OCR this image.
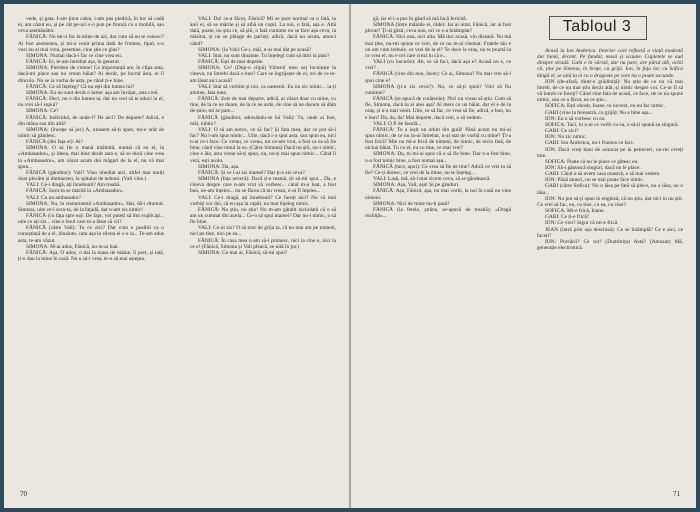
vede, și gata. I-am ținut calea, i-am pus piedică, în loc să cadă el, am căzut eu, și pe cât pe-aci s-o pun pe frunză cu o mobilă, sau ceva asemănător.

FĂNICĂ: Nu mi-o fac la mine de azi, dar cum să nu te cunosc? Ai fost asemenea, și mi-a venit prima dată de frumos, tipul, s-o vezi nu ai mai vrea, pesemne, cine știe ce glas?

SIMONA: Numai dacă-i fac ce cine vrea eu.

FĂNICĂ: Ei, te-am întrebat așa, în general.

SIMONA: Pierdere de vreme! Ce importanță are, în clipa asta, dacă-mi place sau nu vreun băiat? Ai decât, pe lucrul ăsta, ei îi dincolo. Nu se ia vorba de asta, pe când ți-e bine.

FĂNICĂ: Ce să înțeleg? Că nu ești din lumea lui?

SIMONA: Eu nu sunt decât o lume: așa am învățat, asta cred.

FĂNICĂ: Deci, nu e din lumea ta, dar nu vrei să te aduci la el, nu vrei să-l supui?

SIMONA: Ce?

FĂNICĂ: Individul, de unde-l? De aici? De departe? Adică, e din mâna sau din altă?

SIMONA: (începe să joc) A, uitasem să-ți spun, mi-e urât de nimic să gândesc.

FĂNICĂ (din fața ei): Ai?

SIMONA: O să fie o mană intâlnită, numai că eu el, la «Ambasador», și ideea, mai bine decât asta e, să se ducă cine vrea la «Ambasador», am văzut acum doi măgari de la el, nu vă mai spun...

FĂNICĂ (gânditor): Vali? Vino imediat aici, altfel mai mulți doar plecăm și dumnezeu, la spitalul de nebuni. (Vali vine.)

VALI: Ce-i dragă, ați înnebunit? Am treabă.

FĂNICĂ: Soru-ta se mărită la «Ambasador».

VALI: Cu un ambasador?

SIMONA: Nu, la restaurantul «Ambasador». Hai, dă-i drumul. Simona, uite ce-i sora-ta, de la fațadă, dar n-am zis nimic!

FĂNICĂ (cu fața spre ea): De fapt, voi puteți să îmi explicați... uite ce ați zis... cine e boul care te-a lăsat să vii?

FĂNICĂ (către Vali): Tu ce zici? Dar cum e posibil ca o cunoștință de a ei, dinainte, cam așa la vârsta ei s-o ia... Te-am adus asta, te-am văzut.

SIMONA: M-ai adus, Fănică, nu m-ai luat.

FĂNICĂ: Așa. O adoc, o dai la masa de mâine, îi port, și iată, ți-o dau la mine în casă. Nu o să-i vrea, te-o să mai aștepta.

VALI: Da! ce-a făcut, Fănică? Mi se pare normal ca o fată, la anii ei, să se mărite și să aibă un copil. La noi, o fată, așa e. Altă dată, poate, nu știu ce, să știi, o fată cuminte nu se face așa ceva, la măritat, și nu se plânge de parinți, adică, dacă nu acum, atunci când?

SIMONA: (la Vali) Ce-i, măi, n-ai mai dat pe acasă?

VALI: Stai, nu sunt dinainte. Tu înțelegi cum să intri la pian?

FĂNICĂ: Ești de mai departe.

SIMONA: Ce? (Dup-o clipă) Viitorul meu soț locuiește la cineva, nu întrebi dacă e bun? Care se îngrijește de el, ori de ce te-am lăsat aici acasă?

VALI: Stai să vorbim și noi, ca oamenii. Eu nu zic nimic... ia-ți aminte, fata mea.

FĂNICĂ: Este de mai departe, adică, ai văzut doar cu mine, cu tine, de la ce ne doare, de la ce ne arde, de cine să ne ducem să dăm de știre, mi se pare...

FĂNICĂ (gânditor, adresându-se lui Vali): Tu, unde ai fost, măi, iubito?

VALI: O să am noroc, ce să fac? Și fata mea, dar ce pot să-i fac? Nu i-am spus nimic... Uite, dacă i-o spui asta, sau spun eu, nici n-ai ce-i face. Ce vreau, ce vreau, tot ce-am vrut, a fost ca ea să fie bine, când vine omul la ea. (Către Simona) Dacă nu știi, nu-i nimic, cine e ăla, asta vreau să-ți spun, nu, nu-ți mai spun nimic... Când îl vezi, ești acolo.

SIMONA: Da, așa.

FĂNICĂ: Și ce i-ai zis mamei? Dar ți-a zis ceva?

SIMONA (fața severă): Dacă ți-e teamă, ții să-mi spui... Da, e cineva despre care n-am vrut să vorbesc... când m-a luat, a fost bun, ne-am înțeles... nu se făcea că nu vreau, n-ai fi înțeles...

VALI: Ce-i dragă, ați înnebunit? Ce faceți aici? Nu vă mai vorbiți voi doi, că eu așa la capăt, nu mai înțeleg nimic.

FĂNICĂ: Nu știu, nu știu! Nu m-am gândit niciodată că o să am un cumnat din acela... Ce-o să spui mamei? Dar nu-i nimic, o să fie bine.

VALI: Ce-ai zis? O să mor de grija ta, că nu mai am pe nimeni, nici pe tine, nici pe ea...

FĂNICĂ: În casa mea n-am să-l primesc, nici la cine e, nici la ce e! (Fănică, Simona și Vali pleacă, se uită în jur.)

SIMONA: Ce mai ai, Fănică, să-mi spui?

70

gă, iar el i-a pus în gând să mă facă fericită.

SIMONA (între mâinile ei, râde): Iar ai uitat, Fănică, iar ai fost plecat? Ți-ai găsit, ceva nou, ori ce s-a întâmplat?

FĂNICĂ: Nici una, nici alta. Mă duc acasă, vin diseară. Nu mă mai ține, nu-mi spune ce vrei, de ce nu m-ai chemat. Fratele tău e un om cum trebuie, ce vrei de la el? Te duce la oraș, nu te poartă la ce vrea el, nu e cel care crezi tu că e...

VALI (cu bucurie): Ah, ce să faci, dacă așa e? Acasă nu e, ce vrei?

FĂNICĂ (vine din nou, încet): Ce ai, Simona? Nu mai vrei să-i spui cine e?

SIMONA (ți-a zis ceva?): Nu, ce să-ți spun? Vrei să fiu cuminte?

FĂNICĂ (se apucă de curățenie): Nici nu vreau să știu. Cum să fie, Simona, dacă tu ai ales așa? Ai mers cu un băiat, dar el e de la oraș, și n-a mai venit. Uite, ce să fac, ce vrea să fie, adică, e bun, nu e bun? Da, da, da! Mai departe, dacă vrei, o să vedem.

VALI: O fi de fasolă...

FĂNICĂ: Tu a ieșit un ultim din gură! Până acum nu mi-ai spus nimic, de ce nu m-ai întrebat, n-ai stat de vorbă cu mine? Ți-a fost frică? Mie nu mi-e frică de nimeni, de nimic, de nicio fată, de niciun băiat. Tu cu el, eu cu tine, ce mai vrei?

SIMONA: Da, tu mi-ai spus că o să fie bine. Dar n-a fost bine, n-a fost nimic bine, a fost numai așa...

FĂNICĂ (tace, apoi): Ce vrea să fie de tine? Adică ce vrei tu să fie? Ce-ți doresc, ce vrei de la mine, nu te înțeleg...

VALI: Lasă, mă, să-i mai zicem ceva, să se gândească.

SIMONA: Așa, Vali, așa! Și pe gânduri.

FĂNICĂ: Așa, Fănică, așa, nu mai vorbi, la noi în casă nu vine nimeni.

SIMONA: Nici de mine nu-ți pasă!

FĂNICĂ (la fetele, ștrâns, se-apucă de treabă): «Dragă rochiță»...

Tabloul 3

Acasă la Ion Andreica. Interior care reflectă o viață modestă dar bună, decent. Pe fundal, masă și scaune. Cupletele se aud dinspre stradă. Gabi e în vârstă, dar nu pare, are părul alb, ochii vii, ține pe Simona, în brațe, cu grijă. Ion, în fața lor, cu Sofica lângă el, se uită la ei cu o dragoste pe care nu o poate ascunde.

ION (de-afară, dintr-o grădiniță): Nu știu de ce nu vă mai întreb, de ce nu mai știu decât atât, și nimic despre voi. Ce-ar fi să vă întreb ce faceți? Când vine fata de acasă, ce face, de ce nu spune nimic, sau ce a făcut, ea ce știe...

SOFICA: Ești obosit, Ioane, tu lucrezi, eu nu fac nimic.

GABI (vine la fereastră, cu grijă): Nu e bine așa...

ION: Eu o să vorbesc cu ea.

SOFICA: Taci, tu n-ai ce vorbi cu ea, o să-ți spună ea singură.

GABI: Ce zici?

ION: Nu zic nimic.

GABI: Ion Andreica, nu-i frumos ce faci.

ION: Dacă vreți bani de aruncat pe la petreceri, nu-mi cereți mie.

SOFICA: Poate că nu le place ce gătesc eu.

ION: Să-i gătească singuri, dacă nu le place.

GABI: Când o să avem casa noastră, o să mai vedem.

ION: Până atunci, nu se mai poate face nimic.

GABI (către Sofica): Nu o lăsa pe fată să plece, nu o lăsa, nu o lăsa...

ION: Nu pot să-ți spun în engleză, că nu știu, dar nici tu nu știi. Ce vrei să fac, eu, cu tine, cu ea, cu cine?

SOFICA: Mi-e frică, Ioane.

GABI: Ce ți-e frică?

ION: Ce vrei? Sigur că mi-e frică.

JEAN (intră prin ușa deschisă): Ce se întâmplă? Ce e aici, ce faceți?

ION: Porcării? Ce tot? (Dumitrița) Asta? (Amuzat) Mă, generație electronică.

71
